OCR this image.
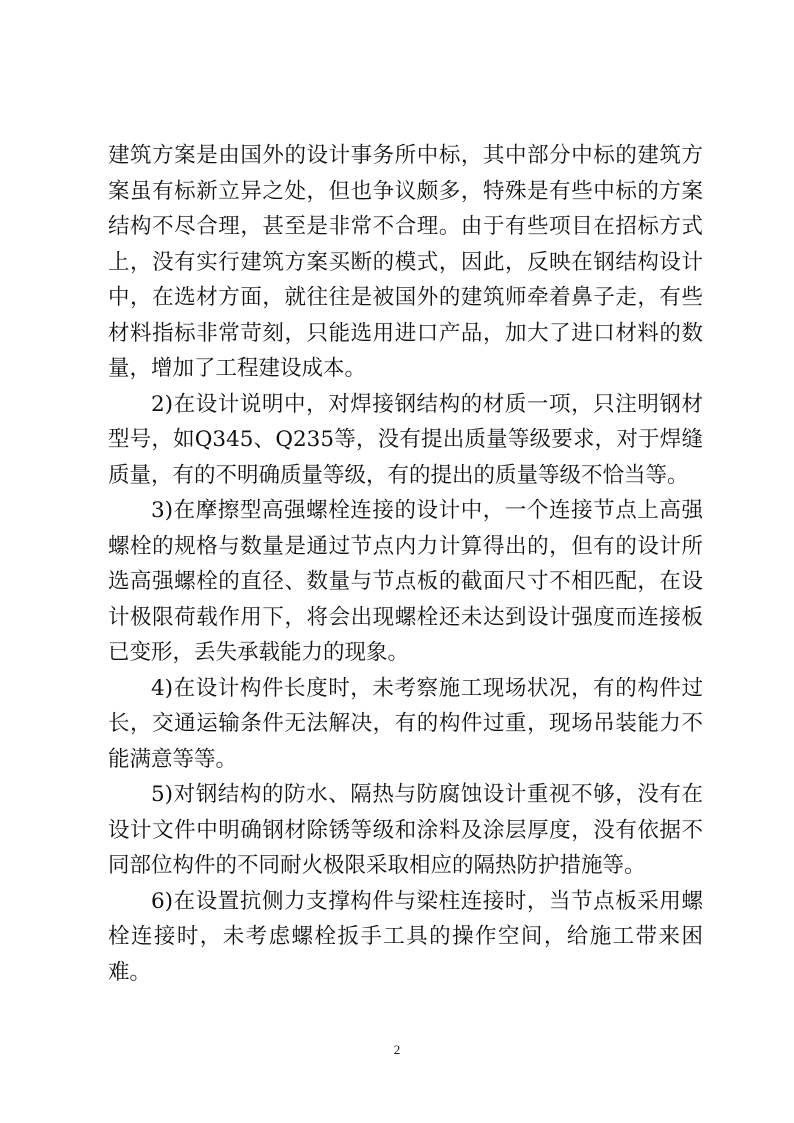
建筑方案是由国外的设计事务所中标，其中部分中标的建筑方案虽有标新立异之处，但也争议颇多，特殊是有些中标的方案结构不尽合理，甚至是非常不合理。由于有些项目在招标方式上，没有实行建筑方案买断的模式，因此，反映在钢结构设计中，在选材方面，就往往是被国外的建筑师牵着鼻子走，有些材料指标非常苛刻，只能选用进口产品，加大了进口材料的数量，增加了工程建设成本。

2)在设计说明中，对焊接钢结构的材质一项，只注明钢材型号，如Q345、Q235等，没有提出质量等级要求，对于焊缝质量，有的不明确质量等级，有的提出的质量等级不恰当等。

3)在摩擦型高强螺栓连接的设计中，一个连接节点上高强螺栓的规格与数量是通过节点内力计算得出的，但有的设计所选高强螺栓的直径、数量与节点板的截面尺寸不相匹配，在设计极限荷载作用下，将会出现螺栓还未达到设计强度而连接板已变形，丢失承载能力的现象。

4)在设计构件长度时，未考察施工现场状况，有的构件过长，交通运输条件无法解决，有的构件过重，现场吊装能力不能满意等等。

5)对钢结构的防水、隔热与防腐蚀设计重视不够，没有在设计文件中明确钢材除锈等级和涂料及涂层厚度，没有依据不同部位构件的不同耐火极限采取相应的隔热防护措施等。

6)在设置抗侧力支撑构件与梁柱连接时，当节点板采用螺栓连接时，未考虑螺栓扳手工具的操作空间，给施工带来困难。

2
